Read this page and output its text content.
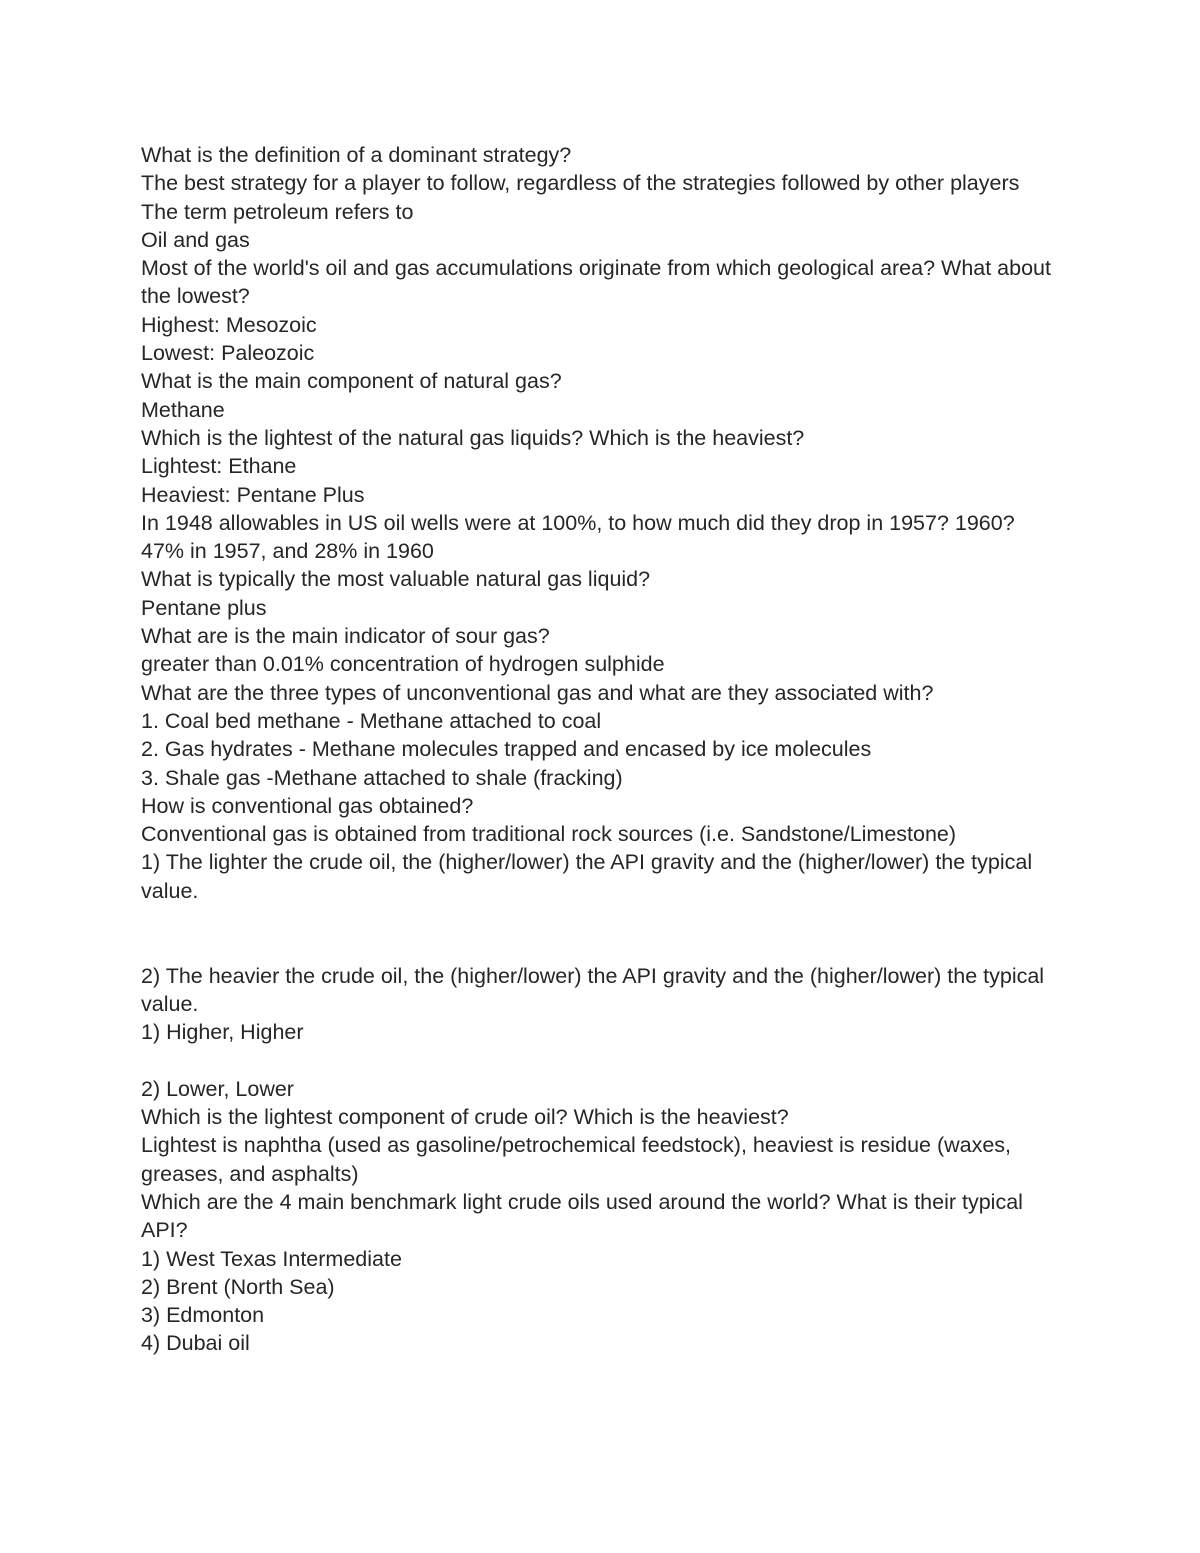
What is the definition of a dominant strategy?
The best strategy for a player to follow, regardless of the strategies followed by other players
The term petroleum refers to
Oil and gas
Most of the world's oil and gas accumulations originate from which geological area? What about the lowest?
Highest: Mesozoic
Lowest: Paleozoic
What is the main component of natural gas?
Methane
Which is the lightest of the natural gas liquids? Which is the heaviest?
Lightest: Ethane
Heaviest: Pentane Plus
In 1948 allowables in US oil wells were at 100%, to how much did they drop in 1957? 1960?
47% in 1957, and 28% in 1960
What is typically the most valuable natural gas liquid?
Pentane plus
What are is the main indicator of sour gas?
greater than 0.01% concentration of hydrogen sulphide
What are the three types of unconventional gas and what are they associated with?
1. Coal bed methane - Methane attached to coal
2. Gas hydrates - Methane molecules trapped and encased by ice molecules
3. Shale gas -Methane attached to shale (fracking)
How is conventional gas obtained?
Conventional gas is obtained from traditional rock sources (i.e. Sandstone/Limestone)
1) The lighter the crude oil, the (higher/lower) the API gravity and the (higher/lower) the typical value.
2) The heavier the crude oil, the (higher/lower) the API gravity and the (higher/lower) the typical value.
1) Higher, Higher
2) Lower, Lower
Which is the lightest component of crude oil? Which is the heaviest?
Lightest is naphtha (used as gasoline/petrochemical feedstock), heaviest is residue (waxes, greases, and asphalts)
Which are the 4 main benchmark light crude oils used around the world? What is their typical API?
1) West Texas Intermediate
2) Brent (North Sea)
3) Edmonton
4) Dubai oil
